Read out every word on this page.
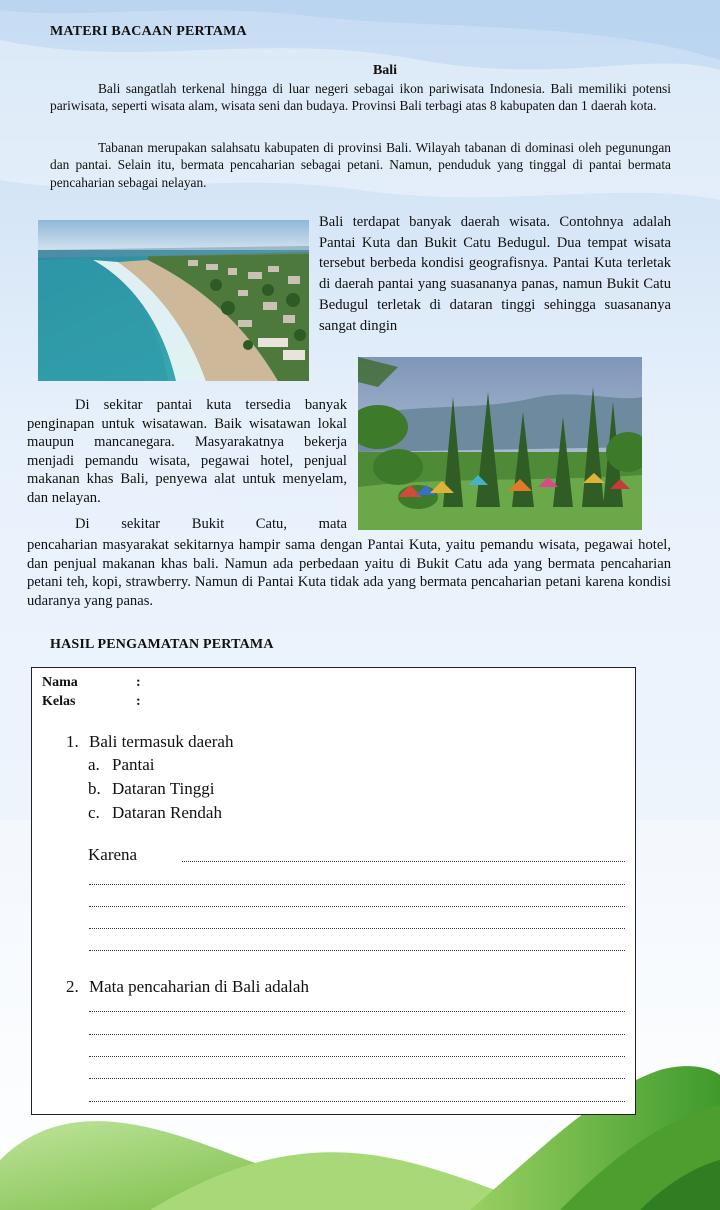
MATERI BACAAN PERTAMA
Bali

Bali sangatlah terkenal hingga di luar negeri sebagai ikon pariwisata Indonesia. Bali memiliki potensi pariwisata, seperti wisata alam, wisata seni dan budaya. Provinsi Bali terbagi atas 8 kabupaten dan 1 daerah kota.

Tabanan merupakan salahsatu kabupaten di provinsi Bali. Wilayah tabanan di dominasi oleh pegunungan dan pantai. Selain itu, bermata pencaharian sebagai petani. Namun, penduduk yang tinggal di pantai bermata pencaharian sebagai nelayan.

Bali terdapat banyak daerah wisata. Contohnya adalah Pantai Kuta dan Bukit Catu Bedugul. Dua tempat wisata tersebut berbeda kondisi geografisnya. Pantai Kuta terletak di daerah pantai yang suasananya panas, namun Bukit Catu Bedugul terletak di dataran tinggi sehingga suasananya sangat dingin

Di sekitar pantai kuta tersedia banyak penginapan untuk wisatawan. Baik wisatawan lokal maupun mancanegara. Masyarakatnya bekerja menjadi pemandu wisata, pegawai hotel, penjual makanan khas Bali, penyewa alat untuk menyelam, dan nelayan.

Di sekitar Bukit Catu, mata

pencaharian masyarakat sekitarnya hampir sama dengan Pantai Kuta, yaitu pemandu wisata, pegawai hotel, dan penjual makanan khas bali. Namun ada perbedaan yaitu di Bukit Catu ada yang bermata pencaharian petani teh, kopi, strawberry. Namun di Pantai Kuta tidak ada yang bermata pencaharian petani karena kondisi udaranya yang panas.

HASIL PENGAMATAN PERTAMA
Nama	:
Kelas	:
1. Bali termasuk daerah
a. Pantai
b. Dataran Tinggi
c. Dataran Rendah
Karena
2. Mata pencaharian di Bali adalah
